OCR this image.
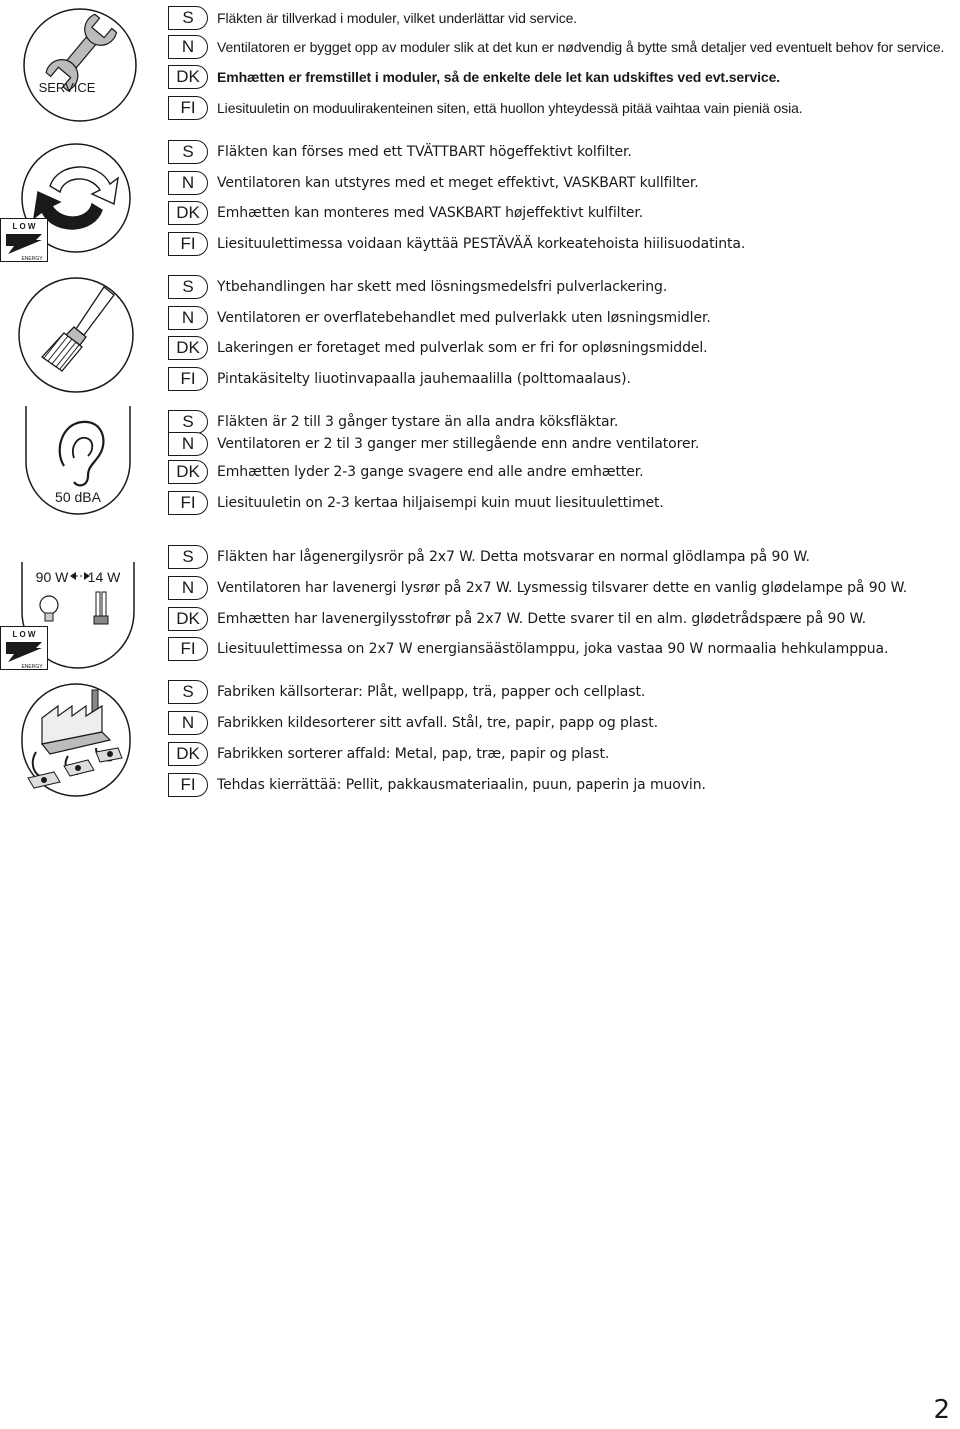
SERVICE
S	Fläkten är tillverkad i moduler, vilket underlättar vid service.
N	Ventilatoren er bygget opp av moduler slik at det kun er nødvendig å bytte små detaljer ved eventuelt behov for service.
DK	Emhætten er fremstillet i moduler, så de enkelte dele let kan udskiftes ved evt.service.
FI	Liesituuletin on moduulirakenteinen siten, että huollon yhteydessä pitää vaihtaa vain pieniä osia.
L O W
ENERGY
S	Fläkten kan förses med ett TVÄTTBART högeffektivt kolfilter.
N	Ventilatoren kan utstyres med et meget effektivt, VASKBART kullfilter.
DK	Emhætten kan monteres med VASKBART højeffektivt kulfilter.
FI	Liesituulettimessa voidaan käyttää PESTÄVÄÄ korkeatehoista hiilisuodatinta.
S	Ytbehandlingen har skett med lösningsmedelsfri pulverlackering.
N	Ventilatoren er overflatebehandlet med pulverlakk uten løsningsmidler.
DK	Lakeringen er foretaget med pulverlak som er fri for opløsningsmiddel.
FI	Pintakäsitelty liuotinvapaalla jauhemaalilla (polttomaalaus).
50 dBA
S	Fläkten är 2 till 3 gånger tystare än alla andra köksfläktar.
N	Ventilatoren er 2 til 3 ganger mer stillegående enn andre ventilatorer.
DK	Emhætten lyder 2-3 gange svagere end alle andre emhætter.
FI	Liesituuletin on 2-3 kertaa hiljaisempi kuin muut liesituulettimet.
90 W 14 W
L O W
ENERGY
S	Fläkten har lågenergilysrör på 2x7 W. Detta motsvarar en normal glödlampa på 90 W.
N	Ventilatoren har lavenergi lysrør på 2x7 W. Lysmessig tilsvarer dette en vanlig glødelampe på 90 W.
DK	Emhætten har lavenergilysstofrør på 2x7 W. Dette svarer til en alm. glødetrådspære på 90 W.
FI	Liesituulettimessa on 2x7 W energiansäästölamppu, joka vastaa 90 W normaalia hehkulamppua.
S	Fabriken källsorterar: Plåt, wellpapp, trä, papper och cellplast.
N	Fabrikken kildesorterer sitt avfall. Stål, tre, papir, papp og plast.
DK	Fabrikken sorterer affald: Metal, pap, træ, papir og plast.
FI	Tehdas kierrättää: Pellit, pakkausmateriaalin, puun, paperin ja muovin.
2
